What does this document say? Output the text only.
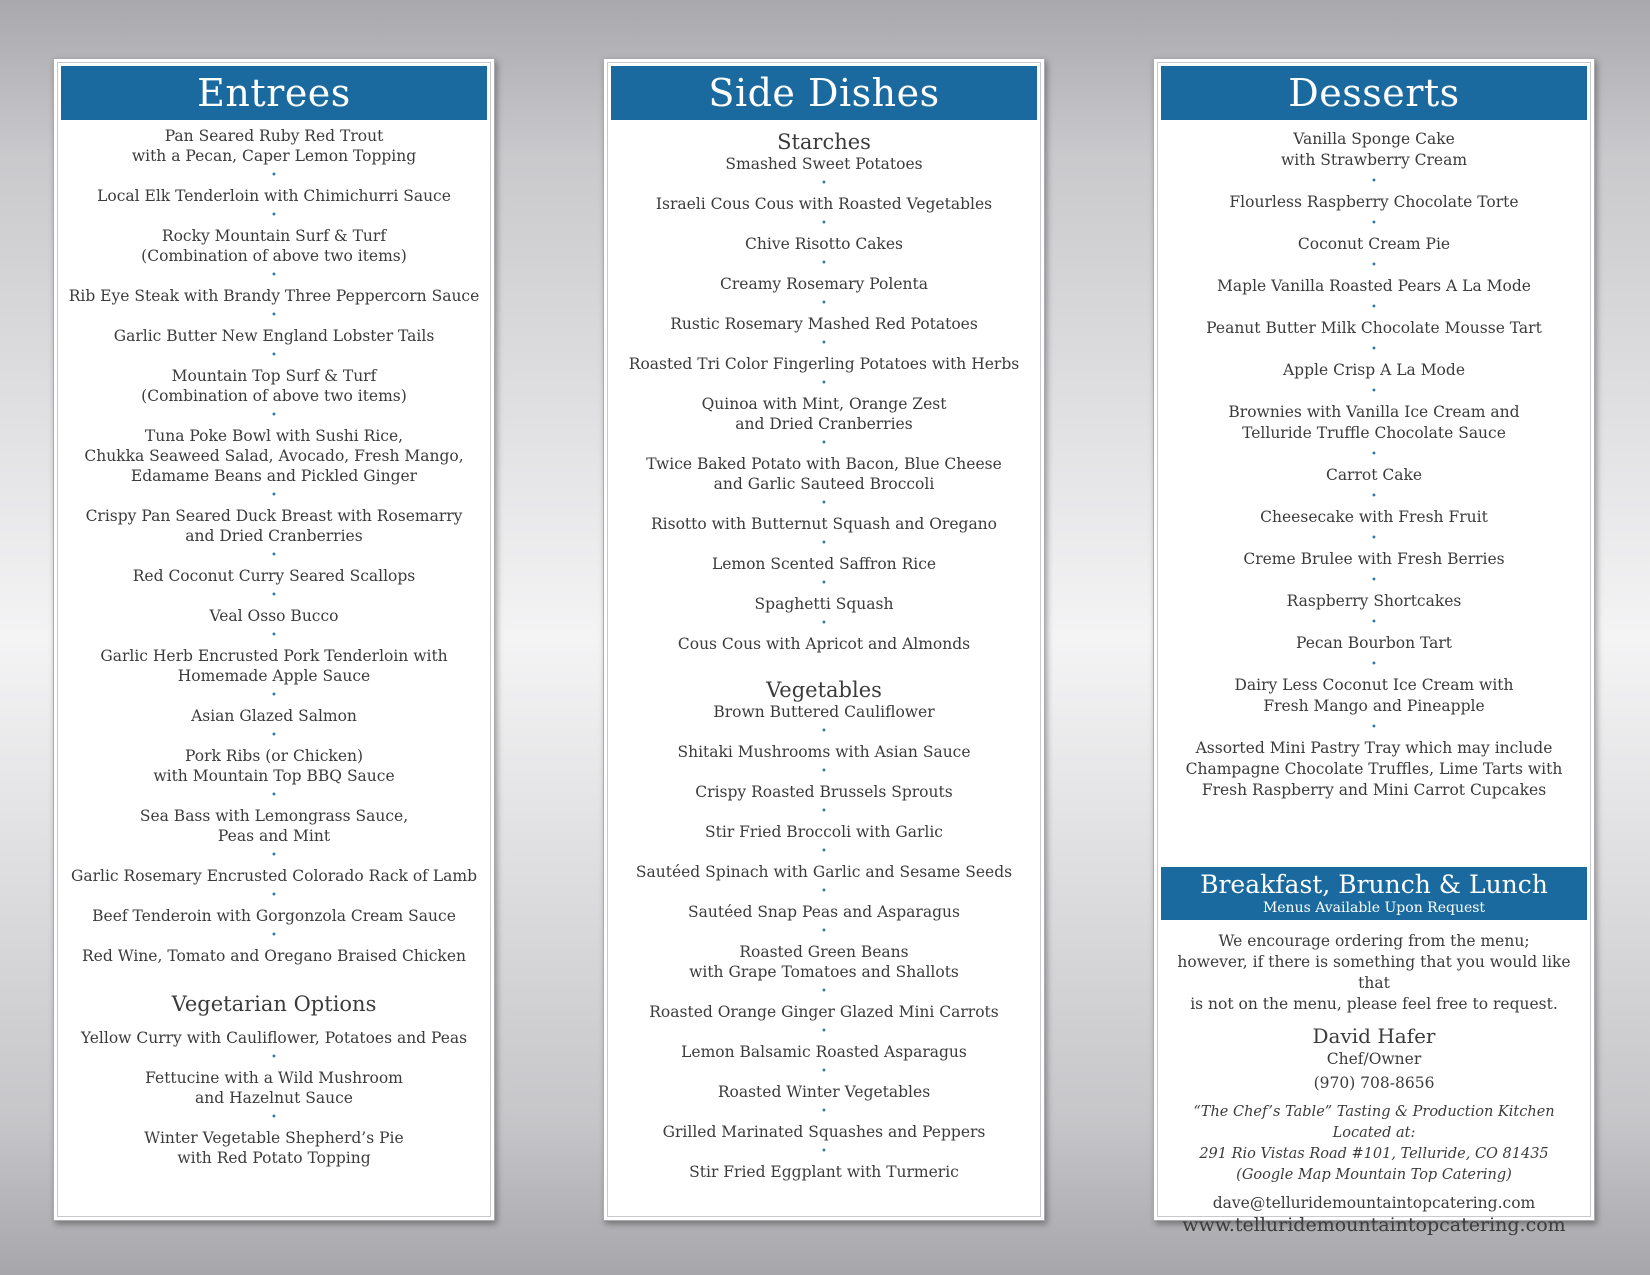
Entrees
Pan Seared Ruby Red Trout
with a Pecan, Caper Lemon Topping
•
Local Elk Tenderloin with Chimichurri Sauce
•
Rocky Mountain Surf & Turf
(Combination of above two items)
•
Rib Eye Steak with Brandy Three Peppercorn Sauce
•
Garlic Butter New England Lobster Tails
•
Mountain Top Surf & Turf
(Combination of above two items)
•
Tuna Poke Bowl with Sushi Rice,
Chukka Seaweed Salad, Avocado, Fresh Mango,
Edamame Beans and Pickled Ginger
•
Crispy Pan Seared Duck Breast with Rosemarry
and Dried Cranberries
•
Red Coconut Curry Seared Scallops
•
Veal Osso Bucco
•
Garlic Herb Encrusted Pork Tenderloin with
Homemade Apple Sauce
•
Asian Glazed Salmon
•
Pork Ribs (or Chicken)
with Mountain Top BBQ Sauce
•
Sea Bass with Lemongrass Sauce,
Peas and Mint
•
Garlic Rosemary Encrusted Colorado Rack of Lamb
•
Beef Tenderoin with Gorgonzola Cream Sauce
•
Red Wine, Tomato and Oregano Braised Chicken
Vegetarian Options
Yellow Curry with Cauliflower, Potatoes and Peas
•
Fettucine with a Wild Mushroom
and Hazelnut Sauce
•
Winter Vegetable Shepherd’s Pie
with Red Potato Topping
Side Dishes
Starches
Smashed Sweet Potatoes
•
Israeli Cous Cous with Roasted Vegetables
•
Chive Risotto Cakes
•
Creamy Rosemary Polenta
•
Rustic Rosemary Mashed Red Potatoes
•
Roasted Tri Color Fingerling Potatoes with Herbs
•
Quinoa with Mint, Orange Zest
and Dried Cranberries
•
Twice Baked Potato with Bacon, Blue Cheese
and Garlic Sauteed Broccoli
•
Risotto with Butternut Squash and Oregano
•
Lemon Scented Saffron Rice
•
Spaghetti Squash
•
Cous Cous with Apricot and Almonds
Vegetables
Brown Buttered Cauliflower
•
Shitaki Mushrooms with Asian Sauce
•
Crispy Roasted Brussels Sprouts
•
Stir Fried Broccoli with Garlic
•
Sautéed Spinach with Garlic and Sesame Seeds
•
Sautéed Snap Peas and Asparagus
•
Roasted Green Beans
with Grape Tomatoes and Shallots
•
Roasted Orange Ginger Glazed Mini Carrots
•
Lemon Balsamic Roasted Asparagus
•
Roasted Winter Vegetables
•
Grilled Marinated Squashes and Peppers
•
Stir Fried Eggplant with Turmeric
Desserts
Vanilla Sponge Cake
with Strawberry Cream
•
Flourless Raspberry Chocolate Torte
•
Coconut Cream Pie
•
Maple Vanilla Roasted Pears A La Mode
•
Peanut Butter Milk Chocolate Mousse Tart
•
Apple Crisp A La Mode
•
Brownies with Vanilla Ice Cream and
Telluride Truffle Chocolate Sauce
•
Carrot Cake
•
Cheesecake with Fresh Fruit
•
Creme Brulee with Fresh Berries
•
Raspberry Shortcakes
•
Pecan Bourbon Tart
•
Dairy Less Coconut Ice Cream with
Fresh Mango and Pineapple
•
Assorted Mini Pastry Tray which may include
Champagne Chocolate Truffles, Lime Tarts with
Fresh Raspberry and Mini Carrot Cupcakes
Breakfast, Brunch & Lunch
Menus Available Upon Request
We encourage ordering from the menu;
however, if there is something that you would like that
is not on the menu, please feel free to request.
David Hafer
Chef/Owner
(970) 708-8656
“The Chef’s Table” Tasting & Production Kitchen Located at:
291 Rio Vistas Road #101, Telluride, CO 81435
(Google Map Mountain Top Catering)
dave@telluridemountaintopcatering.com
www.telluridemountaintopcatering.com
